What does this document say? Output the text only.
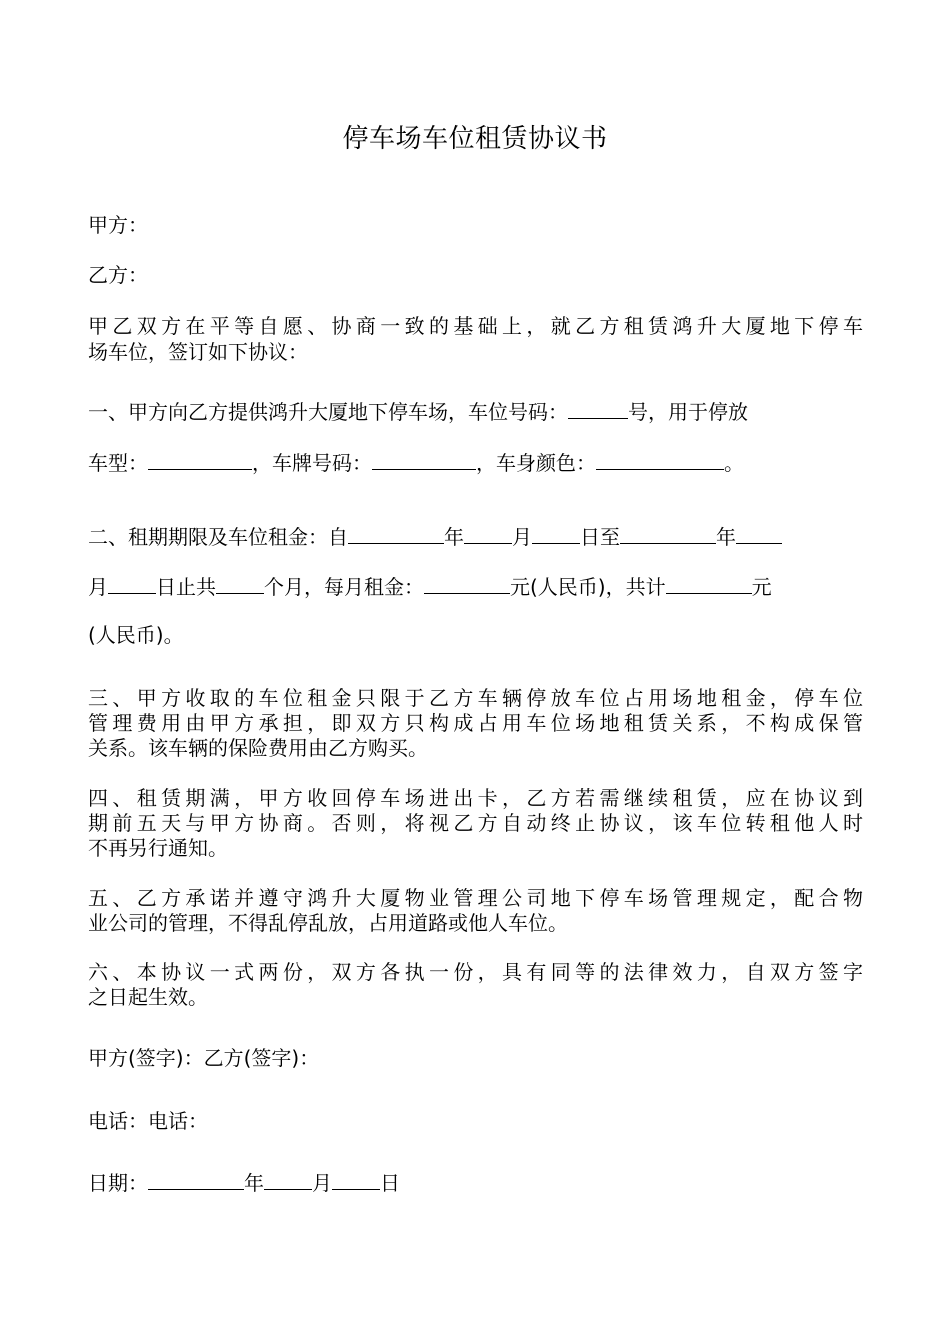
停车场车位租赁协议书
甲方：
乙方：
甲乙双方在平等自愿、协商一致的基础上，就乙方租赁鸿升大厦地下停车
场车位，签订如下协议：
一、甲方向乙方提供鸿升大厦地下停车场，车位号码：	号，用于停放
车型：	，车牌号码：	，车身颜色：	。
二、租期期限及车位租金：自	年 月 日至	年
月 日止共 个月，每月租金：	元(人民币)，共计	元
(人民币)。
三、甲方收取的车位租金只限于乙方车辆停放车位占用场地租金，停车位
管理费用由甲方承担，即双方只构成占用车位场地租赁关系，不构成保管
关系。该车辆的保险费用由乙方购买。
四、租赁期满，甲方收回停车场进出卡，乙方若需继续租赁，应在协议到
期前五天与甲方协商。否则，将视乙方自动终止协议，该车位转租他人时
不再另行通知。
五、乙方承诺并遵守鸿升大厦物业管理公司地下停车场管理规定，配合物
业公司的管理，不得乱停乱放，占用道路或他人车位。
六、本协议一式两份，双方各执一份，具有同等的法律效力，自双方签字
之日起生效。
甲方(签字)：乙方(签字)：
电话：电话：
日期：	年 月 日
